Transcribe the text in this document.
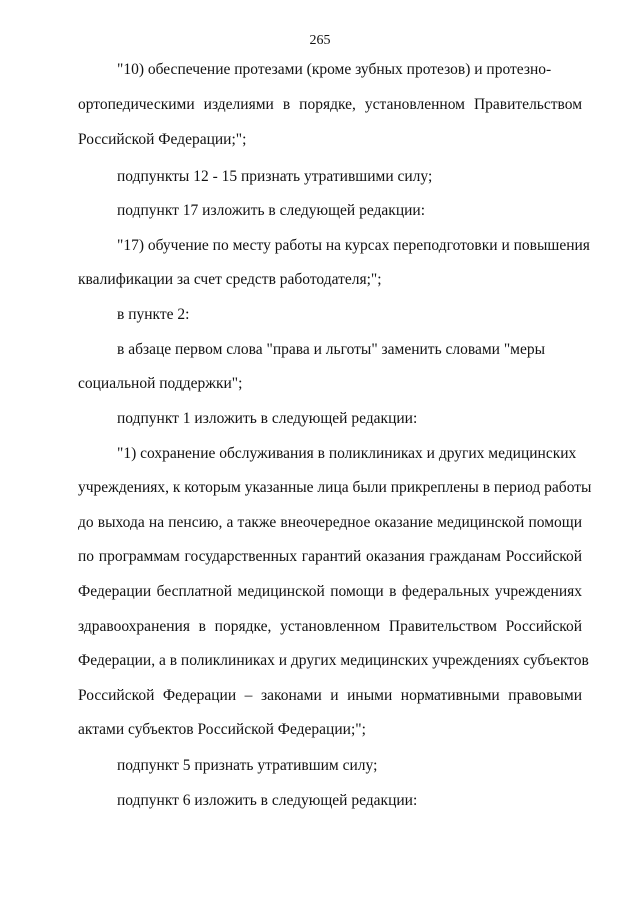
265
"10) обеспечение протезами (кроме зубных протезов) и протезно-
ортопедическими изделиями в порядке, установленном Правительством
Российской Федерации;";
подпункты 12 - 15 признать утратившими силу;
подпункт 17 изложить в следующей редакции:
"17) обучение по месту работы на курсах переподготовки и повышения
квалификации за счет средств работодателя;";
в пункте 2:
в абзаце первом слова "права и льготы" заменить словами "меры
социальной поддержки";
подпункт 1 изложить в следующей редакции:
"1) сохранение обслуживания в поликлиниках и других медицинских
учреждениях, к которым указанные лица были прикреплены в период работы
до выхода на пенсию, а также внеочередное оказание медицинской помощи
по программам государственных гарантий оказания гражданам Российской
Федерации бесплатной медицинской помощи в федеральных учреждениях
здравоохранения в порядке, установленном Правительством Российской
Федерации, а в поликлиниках и других медицинских учреждениях субъектов
Российской Федерации – законами и иными нормативными правовыми
актами субъектов Российской Федерации;";
подпункт 5 признать утратившим силу;
подпункт 6 изложить в следующей редакции:
